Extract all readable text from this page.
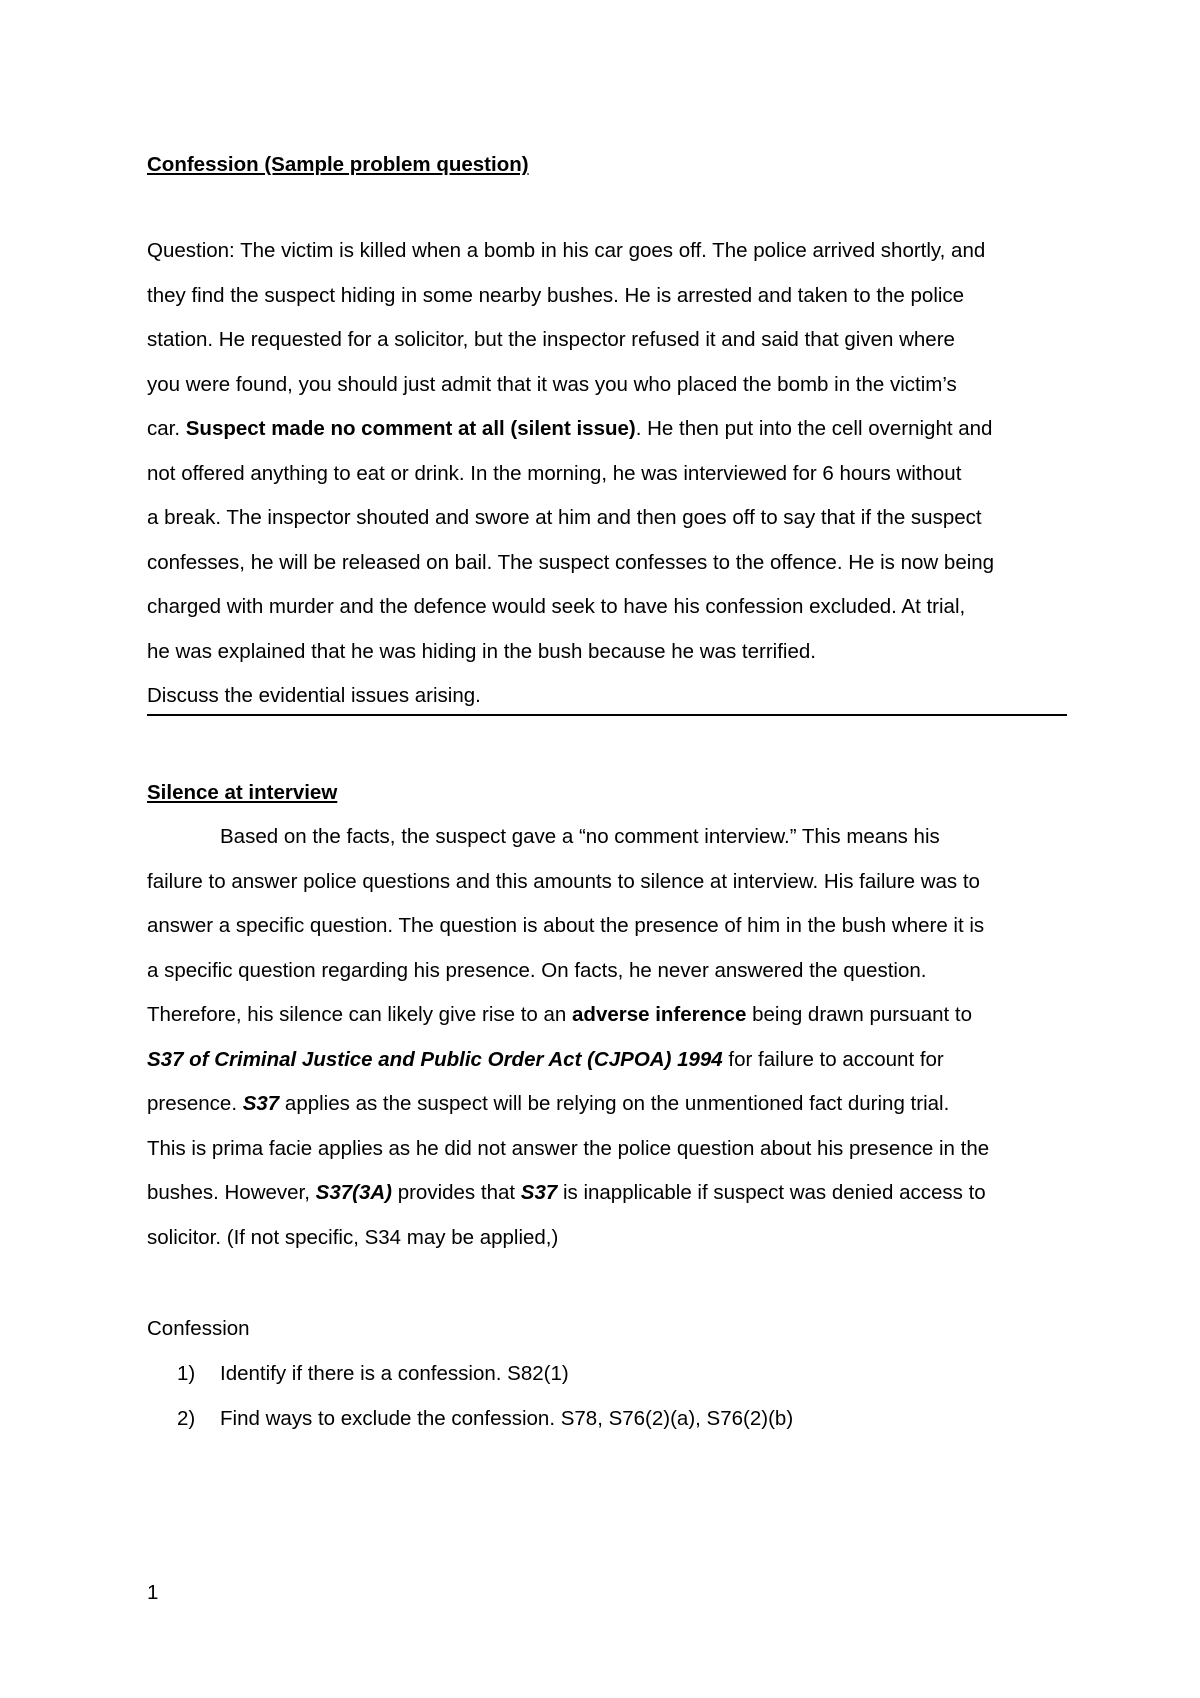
Confession (Sample problem question)
Question: The victim is killed when a bomb in his car goes off. The police arrived shortly, and
they find the suspect hiding in some nearby bushes. He is arrested and taken to the police
station. He requested for a solicitor, but the inspector refused it and said that given where
you were found, you should just admit that it was you who placed the bomb in the victim’s
car. Suspect made no comment at all (silent issue). He then put into the cell overnight and
not offered anything to eat or drink. In the morning, he was interviewed for 6 hours without
a break. The inspector shouted and swore at him and then goes off to say that if the suspect
confesses, he will be released on bail. The suspect confesses to the offence. He is now being
charged with murder and the defence would seek to have his confession excluded. At trial,
he was explained that he was hiding in the bush because he was terrified.
Discuss the evidential issues arising.
Silence at interview
Based on the facts, the suspect gave a “no comment interview.” This means his
failure to answer police questions and this amounts to silence at interview. His failure was to
answer a specific question. The question is about the presence of him in the bush where it is
a specific question regarding his presence. On facts, he never answered the question.
Therefore, his silence can likely give rise to an adverse inference being drawn pursuant to
S37 of Criminal Justice and Public Order Act (CJPOA) 1994 for failure to account for
presence. S37 applies as the suspect will be relying on the unmentioned fact during trial.
This is prima facie applies as he did not answer the police question about his presence in the
bushes. However, S37(3A) provides that S37 is inapplicable if suspect was denied access to
solicitor. (If not specific, S34 may be applied,)
Confession
1)	Identify if there is a confession. S82(1)
2)	Find ways to exclude the confession. S78, S76(2)(a), S76(2)(b)
1
